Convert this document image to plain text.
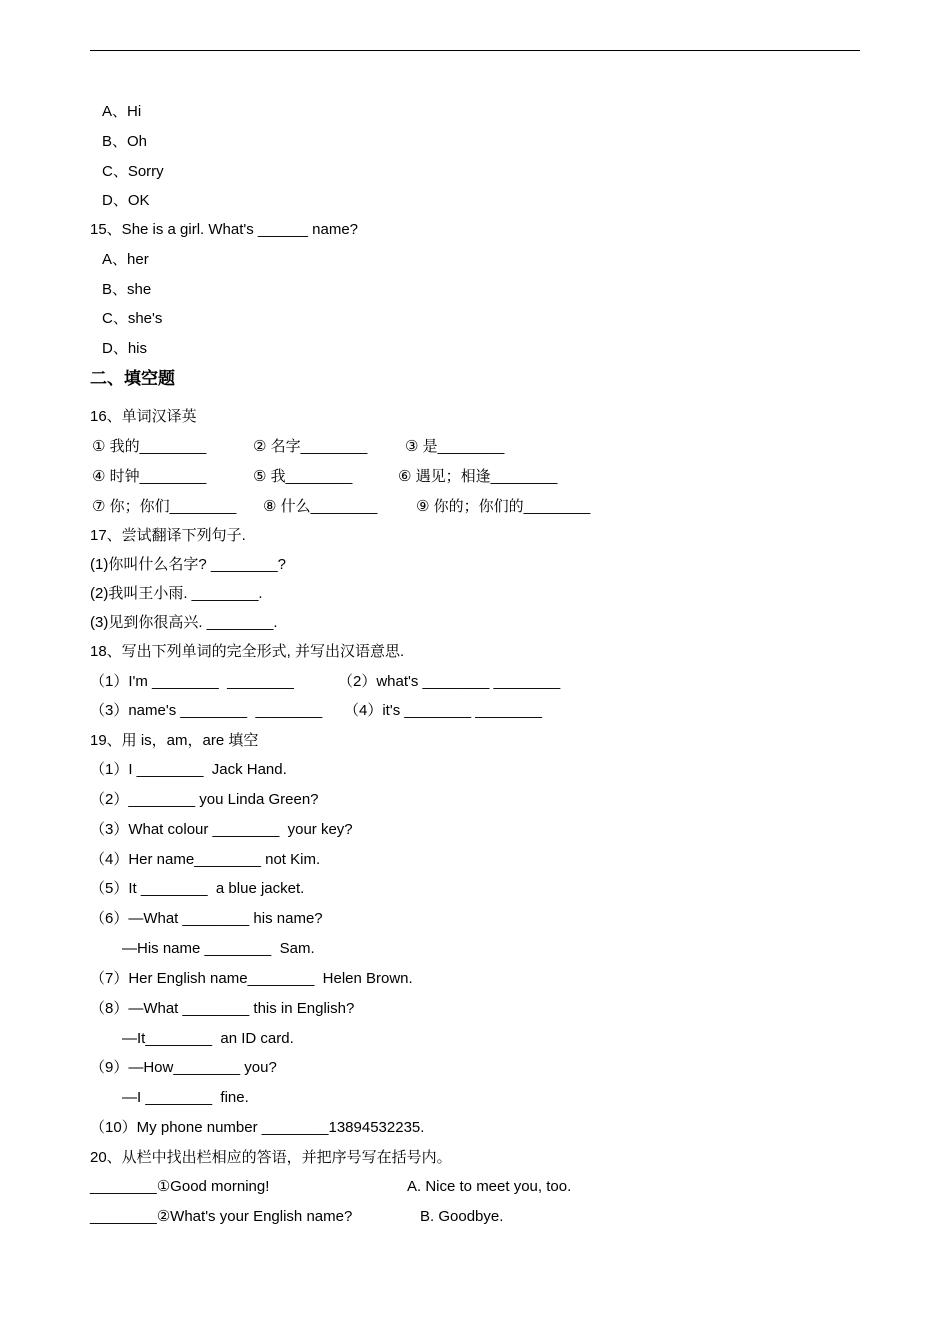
A、Hi
B、Oh
C、Sorry
D、OK
15、She is a girl. What's ______ name?
A、her
B、she
C、she's
D、his
二、填空题
16、单词汉译英
① 我的________	② 名字________	③ 是________
④ 时钟________	⑤ 我________	⑥ 遇见；相逢________
⑦ 你；你们________ ⑧ 什么________	⑨ 你的；你们的________
17、尝试翻译下列句子.
(1)你叫什么名字? ________?
(2)我叫王小雨. ________.
(3)见到你很高兴. ________.
18、写出下列单词的完全形式, 并写出汉语意思.
（1）I'm ________  ________	（2）what's ________ ________
（3）name's ________  ________ （4）it's ________ ________
19、用 is，am，are 填空
（1）I ________  Jack Hand.
（2）________ you Linda Green?
（3）What colour ________  your key?
（4）Her name________ not Kim.
（5）It ________  a blue jacket.
（6）—What ________ his name?
—His name ________  Sam.
（7）Her English name________  Helen Brown.
（8）—What ________ this in English?
—It________  an ID card.
（9）—How________ you?
—I ________  fine.
（10）My phone number ________13894532235.
20、从栏中找出栏相应的答语，并把序号写在括号内。
________①Good morning!	A. Nice to meet you, too.
________②What's your English name?	B. Goodbye.
